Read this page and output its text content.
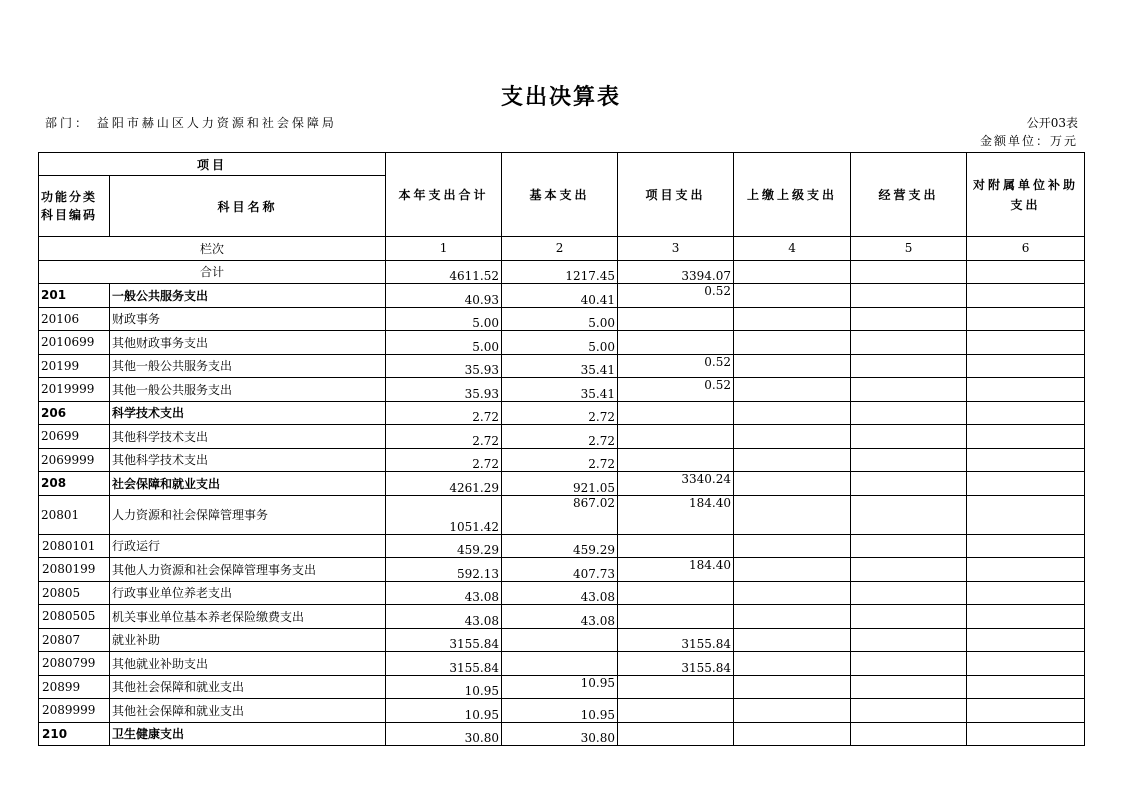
支出决算表
部门： 益阳市赫山区人力资源和社会保障局	公开03表
金额单位：万元
项目		本年支出合计	基本支出	项目支出	上缴上级支出	经营支出	对附属单位补助 支出
功能分类 科目编码	科目名称						
栏次		1	2	3	4	5	6
合计		4611.52	1217.45	3394.07			
201	一般公共服务支出	40.93	40.41	0.52			
20106	财政事务	5.00	5.00				
2010699	其他财政事务支出	5.00	5.00				
20199	其他一般公共服务支出	35.93	35.41	0.52			
2019999	其他一般公共服务支出	35.93	35.41	0.52			
206	科学技术支出	2.72	2.72				
20699	其他科学技术支出	2.72	2.72				
2069999	其他科学技术支出	2.72	2.72				
208	社会保障和就业支出	4261.29	921.05	3340.24			
20801	人力资源和社会保障管理事务	1051.42	867.02	184.40			
2080101	行政运行	459.29	459.29				
2080199	其他人力资源和社会保障管理事务支出	592.13	407.73	184.40			
20805	行政事业单位养老支出	43.08	43.08				
2080505	机关事业单位基本养老保险缴费支出	43.08	43.08				
20807	就业补助	3155.84		3155.84			
2080799	其他就业补助支出	3155.84		3155.84			
20899	其他社会保障和就业支出	10.95	10.95				
2089999	其他社会保障和就业支出	10.95	10.95				
210	卫生健康支出	30.80	30.80				
